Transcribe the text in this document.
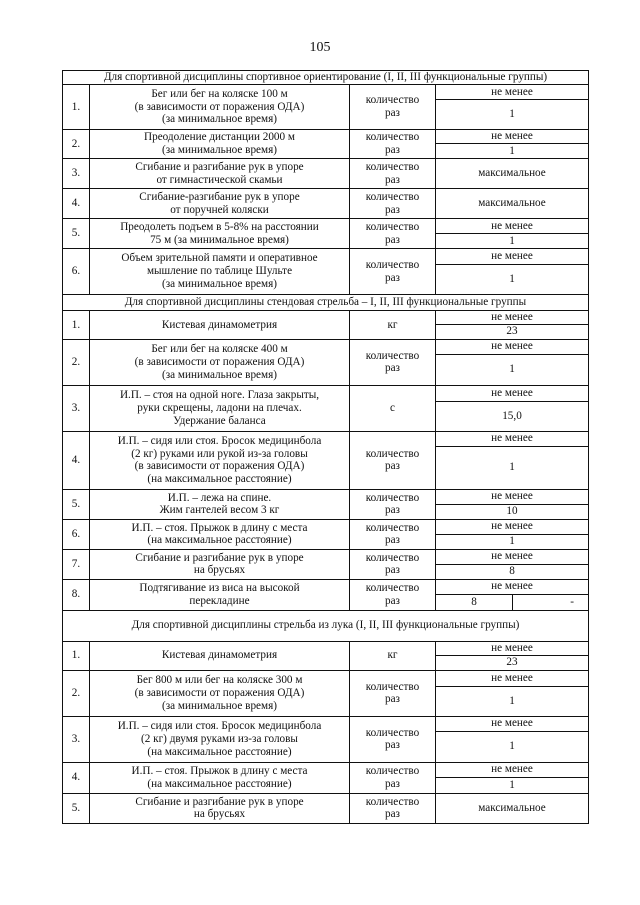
105
Для спортивной дисциплины спортивное ориентирование (I, II, III функциональные группы)				
1.	Бег или бег на коляске 100 м
(в зависимости от поражения ОДА)
(за минимальное время)	количество
раз	не менее	
			1	
2.	Преодоление дистанции 2000 м
(за минимальное время)	количество
раз	не менее	
			1	
3.	Сгибание и разгибание рук в упоре
от гимнастической скамьи	количество
раз	максимальное	
4.	Сгибание-разгибание рук в упоре
от поручней коляски	количество
раз	максимальное	
5.	Преодолеть подъем в 5-8% на расстоянии
75 м (за минимальное время)	количество
раз	не менее	
			1	
6.	Объем зрительной памяти и оперативное
мышление по таблице Шульте
(за минимальное время)	количество
раз	не менее	
			1	
Для спортивной дисциплины стендовая стрельба – I, II, III функциональные группы				
1.	Кистевая динамометрия	кг	не менее	
			23	
2.	Бег или бег на коляске 400 м
(в зависимости от поражения ОДА)
(за минимальное время)	количество
раз	не менее	
			1	
3.	И.П. – стоя на одной ноге. Глаза закрыты,
руки скрещены, ладони на плечах.
Удержание баланса	с	не менее	
			15,0	
4.	И.П. – сидя или стоя. Бросок медицинбола
(2 кг) руками или рукой из-за головы
(в зависимости от поражения ОДА)
(на максимальное расстояние)	количество
раз	не менее	
			1	
5.	И.П. – лежа на спине.
Жим гантелей весом 3 кг	количество
раз	не менее	
			10	
6.	И.П. – стоя. Прыжок в длину с места
(на максимальное расстояние)	количество
раз	не менее	
			1	
7.	Сгибание и разгибание рук в упоре
на брусьях	количество
раз	не менее	
			8	
8.	Подтягивание из виса на высокой
перекладине	количество
раз	не менее	
			8	-
Для спортивной дисциплины стрельба из лука (I, II, III функциональные группы)				
1.	Кистевая динамометрия	кг	не менее	
			23	
2.	Бег 800 м или бег на коляске 300 м
(в зависимости от поражения ОДА)
(за минимальное время)	количество
раз	не менее	
			1	
3.	И.П. – сидя или стоя. Бросок медицинбола
(2 кг) двумя руками из-за головы
(на максимальное расстояние)	количество
раз	не менее	
			1	
4.	И.П. – стоя. Прыжок в длину с места
(на максимальное расстояние)	количество
раз	не менее	
			1	
5.	Сгибание и разгибание рук в упоре
на брусьях	количество
раз	максимальное	
